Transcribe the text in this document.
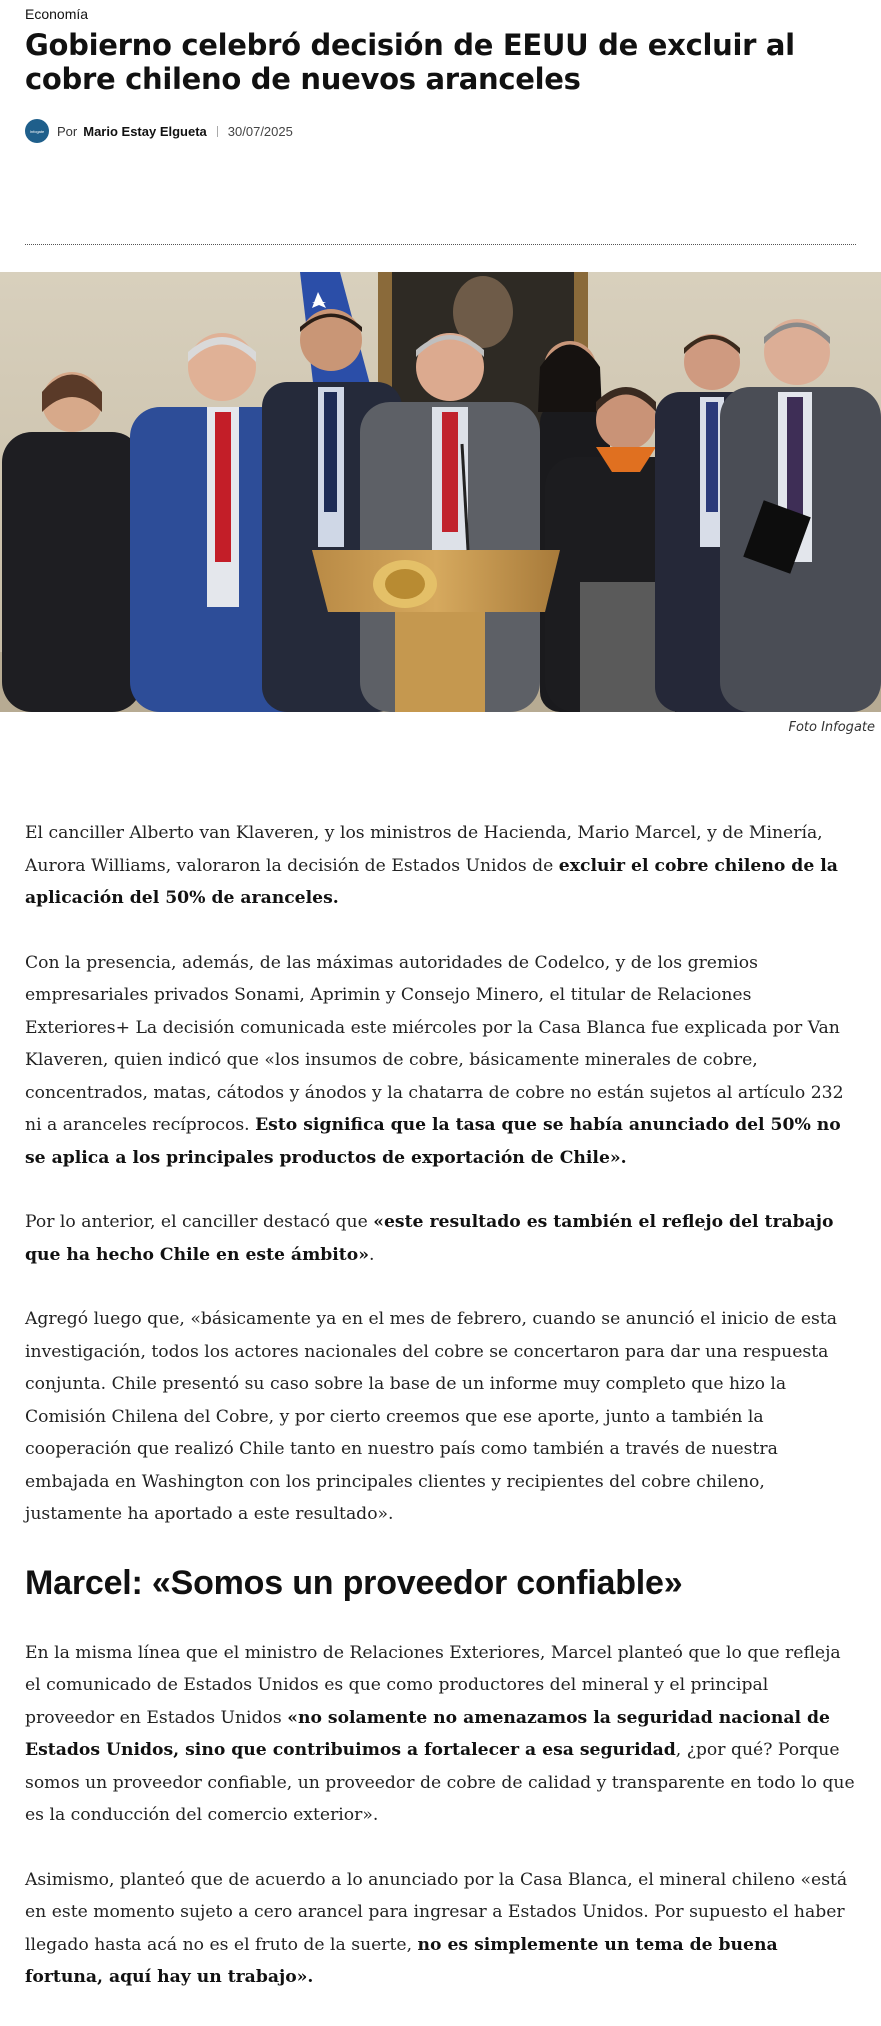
Economía
Gobierno celebró decisión de EEUU de excluir al cobre chileno de nuevos aranceles
Infogate Por Mario Estay Elgueta 30/07/2025

Foto Infogate

El canciller Alberto van Klaveren, y los ministros de Hacienda, Mario Marcel, y de Minería, Aurora Williams, valoraron la decisión de Estados Unidos de excluir el cobre chileno de la aplicación del 50% de aranceles.

Con la presencia, además, de las máximas autoridades de Codelco, y de los gremios empresariales privados Sonami, Aprimin y Consejo Minero, el titular de Relaciones Exteriores+ La decisión comunicada este miércoles por la Casa Blanca fue explicada por Van Klaveren, quien indicó que «los insumos de cobre, básicamente minerales de cobre, concentrados, matas, cátodos y ánodos y la chatarra de cobre no están sujetos al artículo 232 ni a aranceles recíprocos. Esto significa que la tasa que se había anunciado del 50% no se aplica a los principales productos de exportación de Chile».

Por lo anterior, el canciller destacó que «este resultado es también el reflejo del trabajo que ha hecho Chile en este ámbito».

Agregó luego que, «básicamente ya en el mes de febrero, cuando se anunció el inicio de esta investigación, todos los actores nacionales del cobre se concertaron para dar una respuesta conjunta. Chile presentó su caso sobre la base de un informe muy completo que hizo la Comisión Chilena del Cobre, y por cierto creemos que ese aporte, junto a también la cooperación que realizó Chile tanto en nuestro país como también a través de nuestra embajada en Washington con los principales clientes y recipientes del cobre chileno, justamente ha aportado a este resultado».

Marcel: «Somos un proveedor confiable»

En la misma línea que el ministro de Relaciones Exteriores, Marcel planteó que lo que refleja el comunicado de Estados Unidos es que como productores del mineral y el principal proveedor en Estados Unidos «no solamente no amenazamos la seguridad nacional de Estados Unidos, sino que contribuimos a fortalecer a esa seguridad, ¿por qué? Porque somos un proveedor confiable, un proveedor de cobre de calidad y transparente en todo lo que es la conducción del comercio exterior».

Asimismo, planteó que de acuerdo a lo anunciado por la Casa Blanca, el mineral chileno «está en este momento sujeto a cero arancel para ingresar a Estados Unidos. Por supuesto el haber llegado hasta acá no es el fruto de la suerte, no es simplemente un tema de buena fortuna, aquí hay un trabajo».
